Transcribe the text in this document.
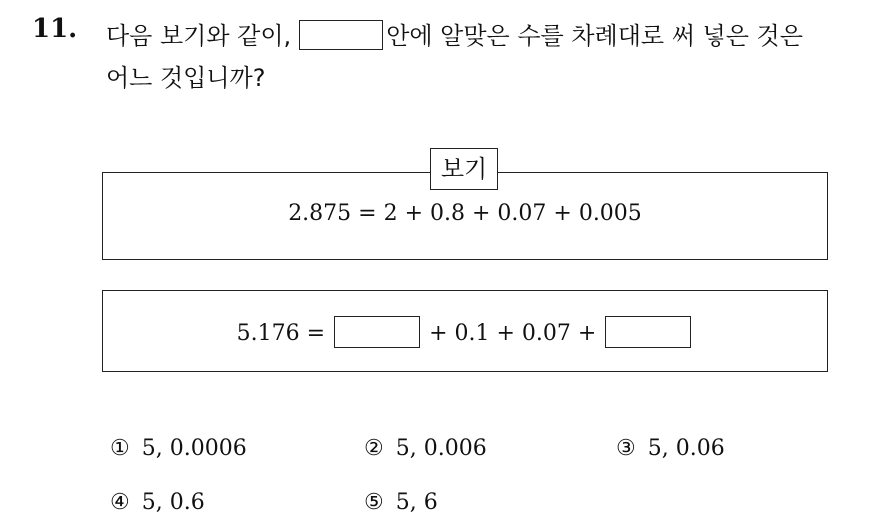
11. 다음 보기와 같이,	안에 알맞은 수를 차례대로 써 넣은 것은
어느 것입니까?
2.875 = 2 + 0.8 + 0.07 + 0.005
보기
5.176 =	+ 0.1 + 0.07 +
① 5, 0.0006	② 5, 0.006	③ 5, 0.06
④ 5, 0.6	⑤ 5, 6
